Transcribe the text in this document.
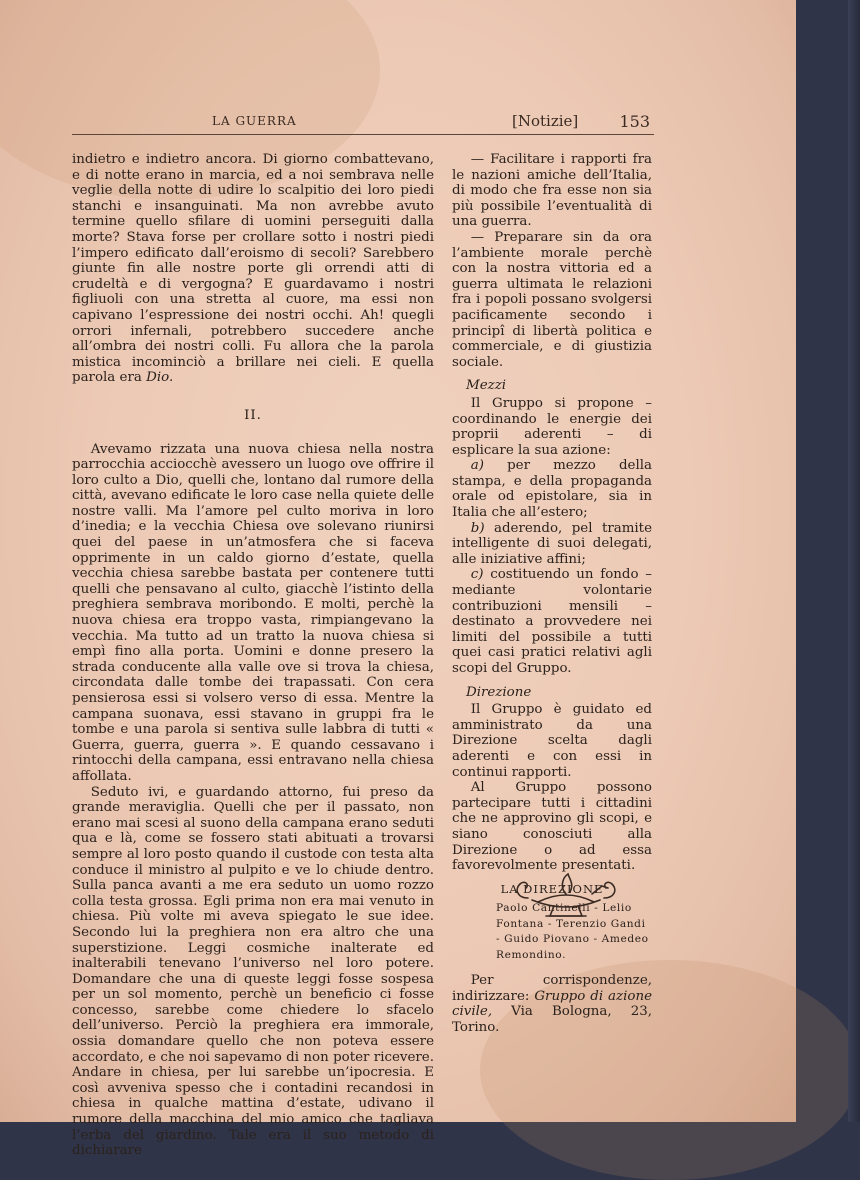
LA GUERRA	[Notizie]	153

indietro e indietro ancora. Di giorno combattevano, e di notte erano in marcia, ed a noi sembrava nelle veglie della notte di udire lo scalpitio dei loro piedi stanchi e insanguinati. Ma non avrebbe avuto termine quello sfilare di uomini perseguiti dalla morte? Stava forse per crollare sotto i nostri piedi l’impero edificato dall’eroismo di secoli? Sarebbero giunte fin alle nostre porte gli orrendi atti di crudeltà e di vergogna? E guardavamo i nostri figliuoli con una stretta al cuore, ma essi non capivano l’espressione dei nostri occhi. Ah! quegli orrori infernali, potrebbero succedere anche all’ombra dei nostri colli. Fu allora che la parola mistica incominciò a brillare nei cieli. E quella parola era Dio.

II.

Avevamo rizzata una nuova chiesa nella nostra parrocchia acciocchè avessero un luogo ove offrire il loro culto a Dio, quelli che, lontano dal rumore della città, avevano edificate le loro case nella quiete delle nostre valli. Ma l’amore pel culto moriva in loro d’inedia; e la vecchia Chiesa ove solevano riunirsi quei del paese in un’atmosfera che si faceva opprimente in un caldo giorno d’estate, quella vecchia chiesa sarebbe bastata per contenere tutti quelli che pensavano al culto, giacchè l’istinto della preghiera sembrava moribondo. E molti, perchè la nuova chiesa era troppo vasta, rimpiangevano la vecchia. Ma tutto ad un tratto la nuova chiesa si empì fino alla porta. Uomini e donne presero la strada conducente alla valle ove si trova la chiesa, circondata dalle tombe dei trapassati. Con cera pensierosa essi si volsero verso di essa. Mentre la campana suonava, essi stavano in gruppi fra le tombe e una parola si sentiva sulle labbra di tutti « Guerra, guerra, guerra ». E quando cessavano i rintocchi della campana, essi entravano nella chiesa affollata.

Seduto ivi, e guardando attorno, fui preso da grande meraviglia. Quelli che per il passato, non erano mai scesi al suono della campana erano seduti qua e là, come se fossero stati abituati a trovarsi sempre al loro posto quando il custode con testa alta conduce il ministro al pulpito e ve lo chiude dentro. Sulla panca avanti a me era seduto un uomo rozzo colla testa grossa. Egli prima non era mai venuto in chiesa. Più volte mi aveva spiegato le sue idee. Secondo lui la preghiera non era altro che una superstizione. Leggi cosmiche inalterate ed inalterabili tenevano l’universo nel loro potere. Domandare che una di queste leggi fosse sospesa per un sol momento, perchè un beneficio ci fosse concesso, sarebbe come chiedere lo sfacelo dell’universo. Perciò la preghiera era immorale, ossia domandare quello che non poteva essere accordato, e che noi sapevamo di non poter ricevere. Andare in chiesa, per lui sarebbe un’ipocresia. E così avveniva spesso che i contadini recandosi in chiesa in qualche mattina d’estate, udivano il rumore della macchina del mio amico che tagliava l’erba del giardino. Tale era il suo metodo di dichiarare

— Facilitare i rapporti fra le nazioni amiche dell’Italia, di modo che fra esse non sia più possibile l’eventualità di una guerra.

— Preparare sin da ora l’ambiente morale perchè con la nostra vittoria ed a guerra ultimata le relazioni fra i popoli possano svolgersi pacificamente secondo i principî di libertà politica e commerciale, e di giustizia sociale.

Mezzi

Il Gruppo si propone – coordinando le energie dei proprii aderenti – di esplicare la sua azione:

a) per mezzo della stampa, e della propaganda orale od epistolare, sia in Italia che all’estero;

b) aderendo, pel tramite intelligente di suoi delegati, alle iniziative affini;

c) costituendo un fondo – mediante volontarie contribuzioni mensili – destinato a provvedere nei limiti del possibile a tutti quei casi pratici relativi agli scopi del Gruppo.

Direzione

Il Gruppo è guidato ed amministrato da una Direzione scelta dagli aderenti e con essi in continui rapporti.

Al Gruppo possono partecipare tutti i cittadini che ne approvino gli scopi, e siano conosciuti alla Direzione o ad essa favorevolmente presentati.

LA DIREZIONE

Paolo Cantinelli - Lelio

Fontana - Terenzio Gandi

- Guido Piovano - Amedeo

Remondino.

Per corrispondenze, indirizzare: Gruppo di azione civile, Via Bologna, 23, Torino.
